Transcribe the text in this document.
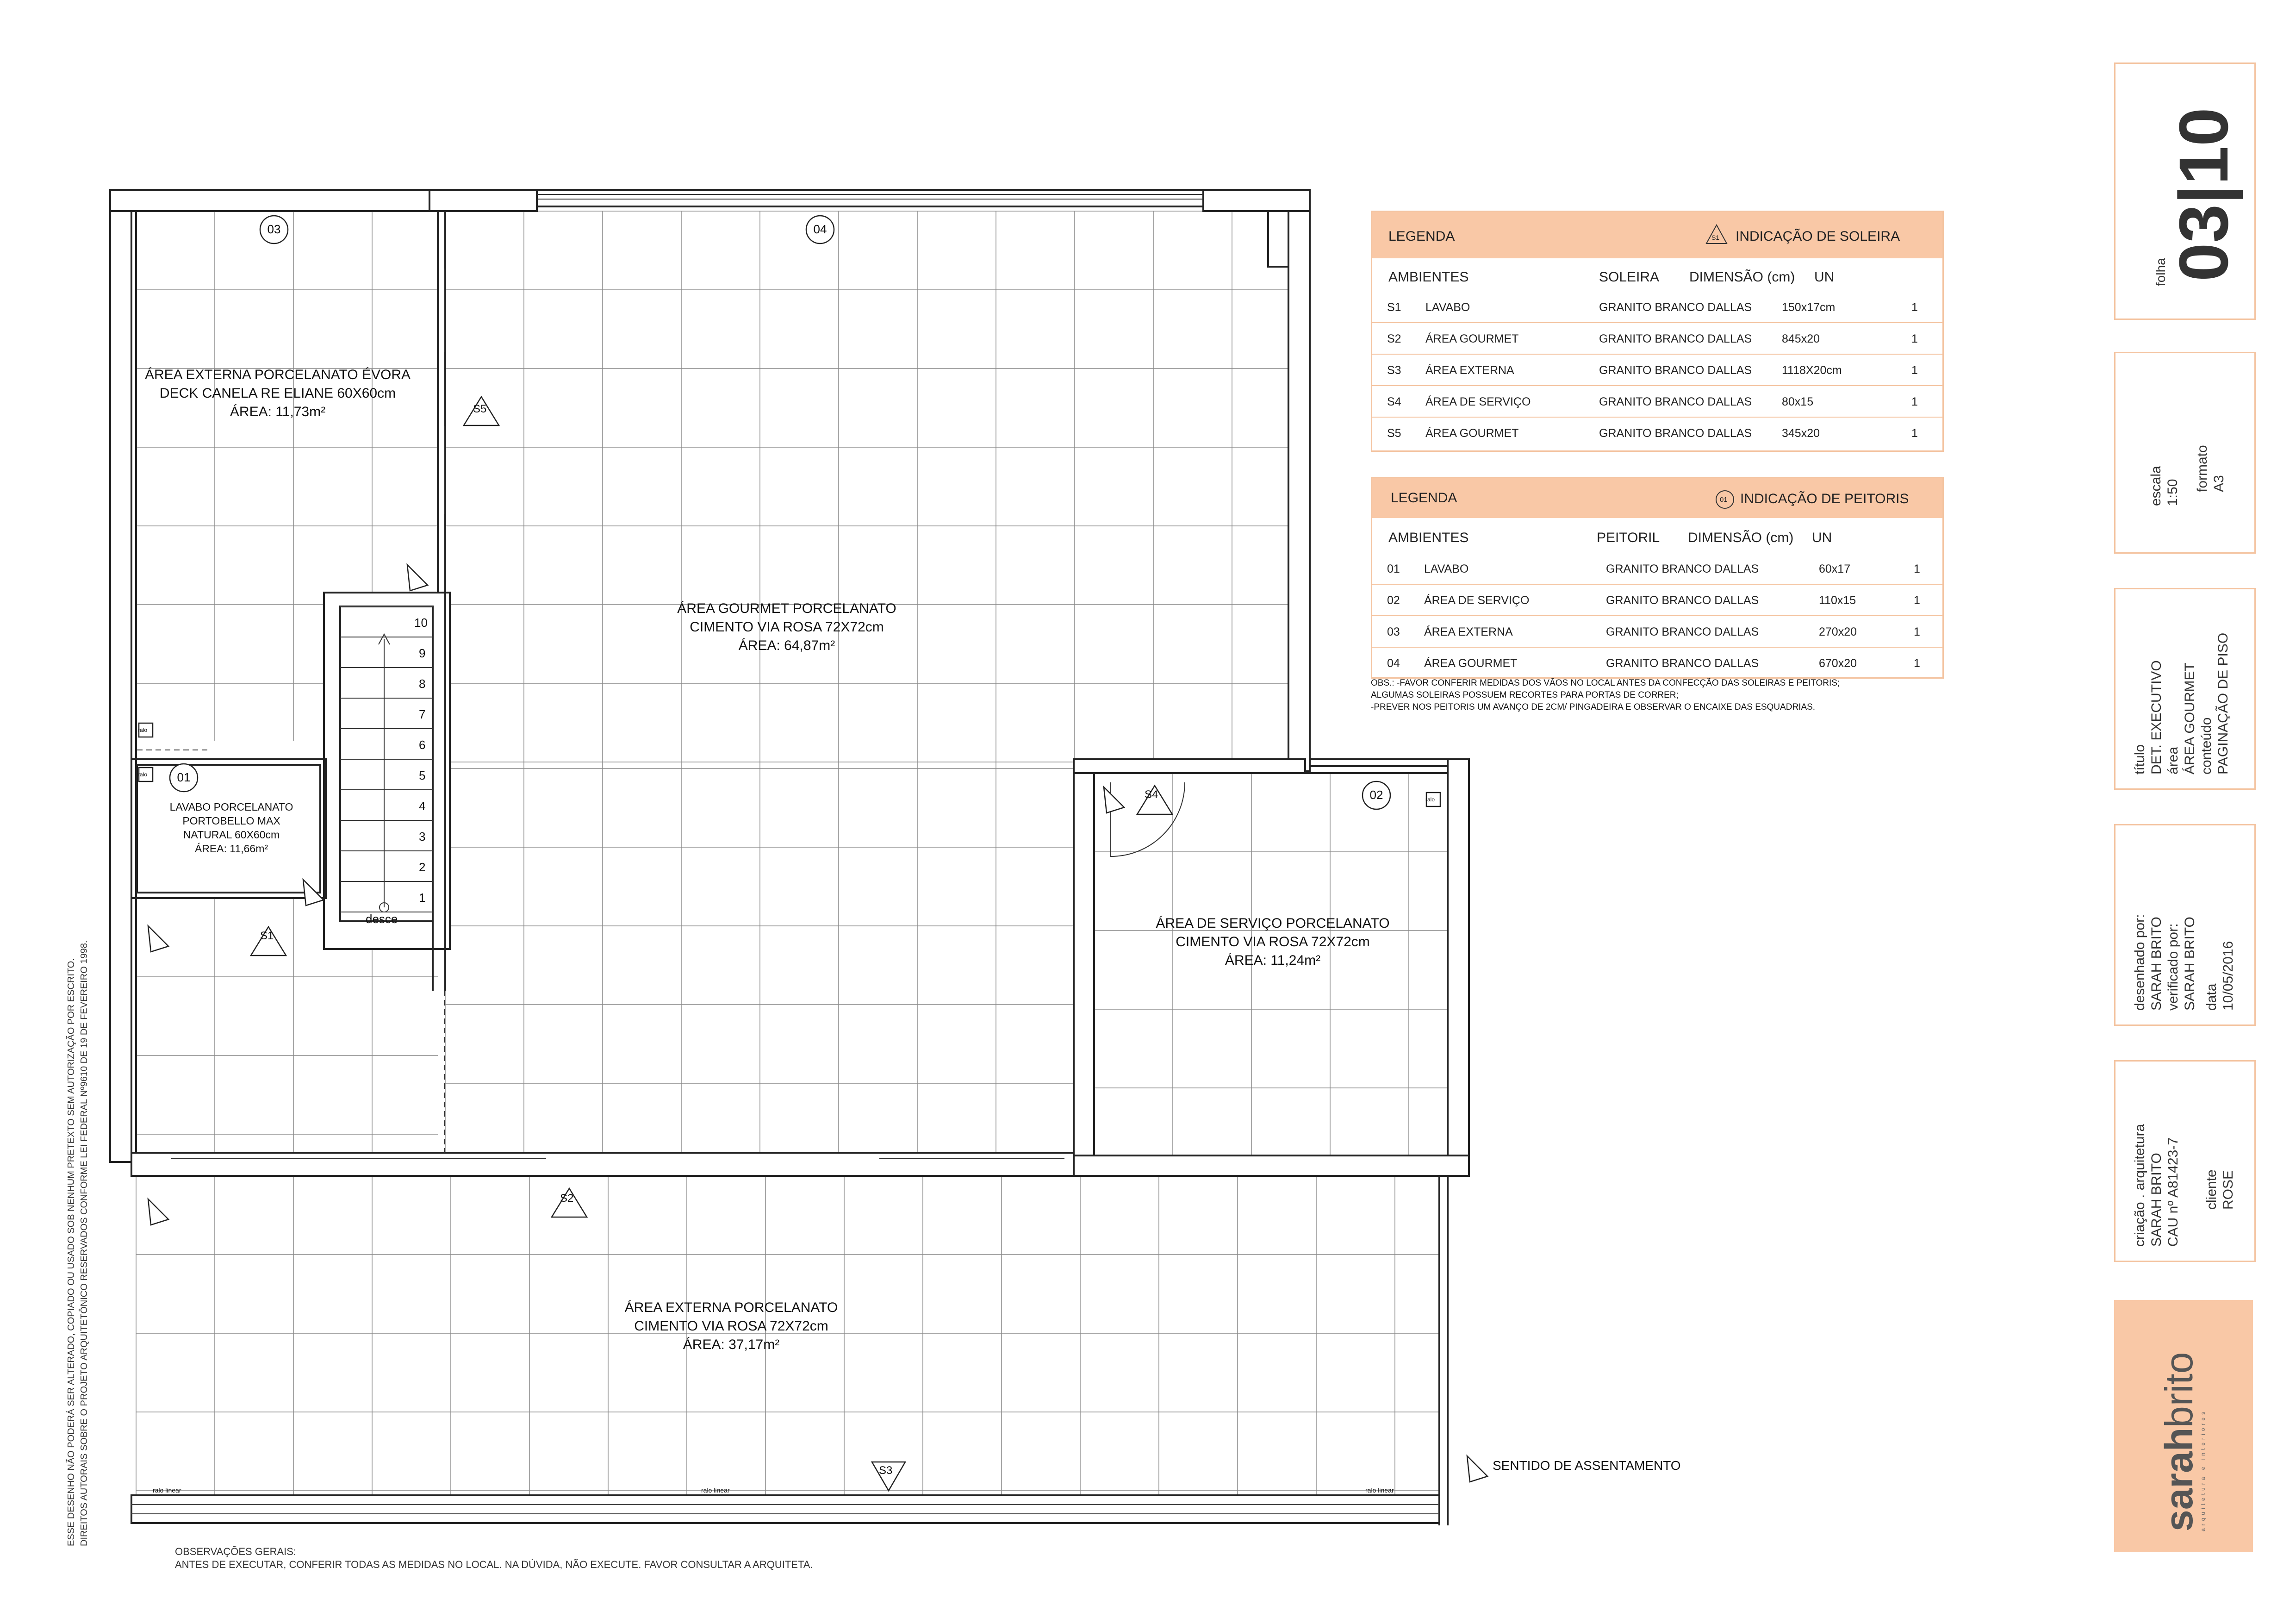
03	04
01
02
ÁREA EXTERNA PORCELANATO ÉVORA
DECK CANELA RE ELIANE 60X60cm
ÁREA: 11,73m²
ÁREA GOURMET PORCELANATO
CIMENTO VIA ROSA 72X72cm
ÁREA: 64,87m²
LAVABO PORCELANATO
PORTOBELLO MAX
NATURAL 60X60cm
ÁREA: 11,66m²
ÁREA DE SERVIÇO PORCELANATO
CIMENTO VIA ROSA 72X72cm
ÁREA: 11,24m²
ÁREA EXTERNA PORCELANATO
CIMENTO VIA ROSA 72X72cm
ÁREA: 37,17m²
10
9
8
7
6
5
4
3
2
1
desce
S1
S2
S3
S4
S5
ralo
ralo
ralo
ralo linear	ralo linear	ralo linear
SENTIDO DE ASSENTAMENTO
OBSERVAÇÕES GERAIS:
ANTES DE EXECUTAR, CONFERIR TODAS AS MEDIDAS NO LOCAL. NA DÚVIDA, NÃO EXECUTE. FAVOR CONSULTAR A ARQUITETA.
ESSE DESENHO NÃO PODERÁ SER ALTERADO, COPIADO OU USADO SOB NENHUM PRETEXTO SEM AUTORIZAÇÃO POR ESCRITO. DIREITOS AUTORAIS SOBRE O PROJETO ARQUITETÔNICO RESERVADOS CONFORME LEI FEDERAL Nº9610 DE 19 DE FEVEREIRO 1998.
LEGENDA	S1 INDICAÇÃO DE SOLEIRA
AMBIENTES	SOLEIRA DIMENSÃO (cm) UN
S1 LAVABO	GRANITO BRANCO DALLAS	150x17cm	1
S2 ÁREA GOURMET	GRANITO BRANCO DALLAS	845x20	1
S3 ÁREA EXTERNA	GRANITO BRANCO DALLAS	1118X20cm	1
S4 ÁREA DE SERVIÇO	GRANITO BRANCO DALLAS	80x15	1
S5 ÁREA GOURMET	GRANITO BRANCO DALLAS	345x20	1
LEGENDA	01 INDICAÇÃO DE PEITORIS
AMBIENTES	PEITORIL DIMENSÃO (cm) UN
01 LAVABO	GRANITO BRANCO DALLAS	60x17	1
02 ÁREA DE SERVIÇO	GRANITO BRANCO DALLAS	110x15	1
03 ÁREA EXTERNA	GRANITO BRANCO DALLAS	270x20	1
04 ÁREA GOURMET	GRANITO BRANCO DALLAS	670x20	1
OBS.: -FAVOR CONFERIR MEDIDAS DOS VÃOS NO LOCAL ANTES DA CONFECÇÃO DAS SOLEIRAS E PEITORIS;
ALGUMAS SOLEIRAS POSSUEM RECORTES PARA PORTAS DE CORRER;
-PREVER NOS PEITORIS UM AVANÇO DE 2CM/ PINGADEIRA E OBSERVAR O ENCAIXE DAS ESQUADRIAS.
folha
03|10
escala 1:50
formato A3
título DET. EXECUTIVO área ÁREA GOURMET conteúdo PAGINAÇÃO DE PISO
desenhado por: SARAH BRITO verificado por: SARAH BRITO data 10/05/2016
criação . arquitetura SARAH BRITO CAU nº A81423-7 cliente ROSE
sarahbrito
arquitetura e interiores
